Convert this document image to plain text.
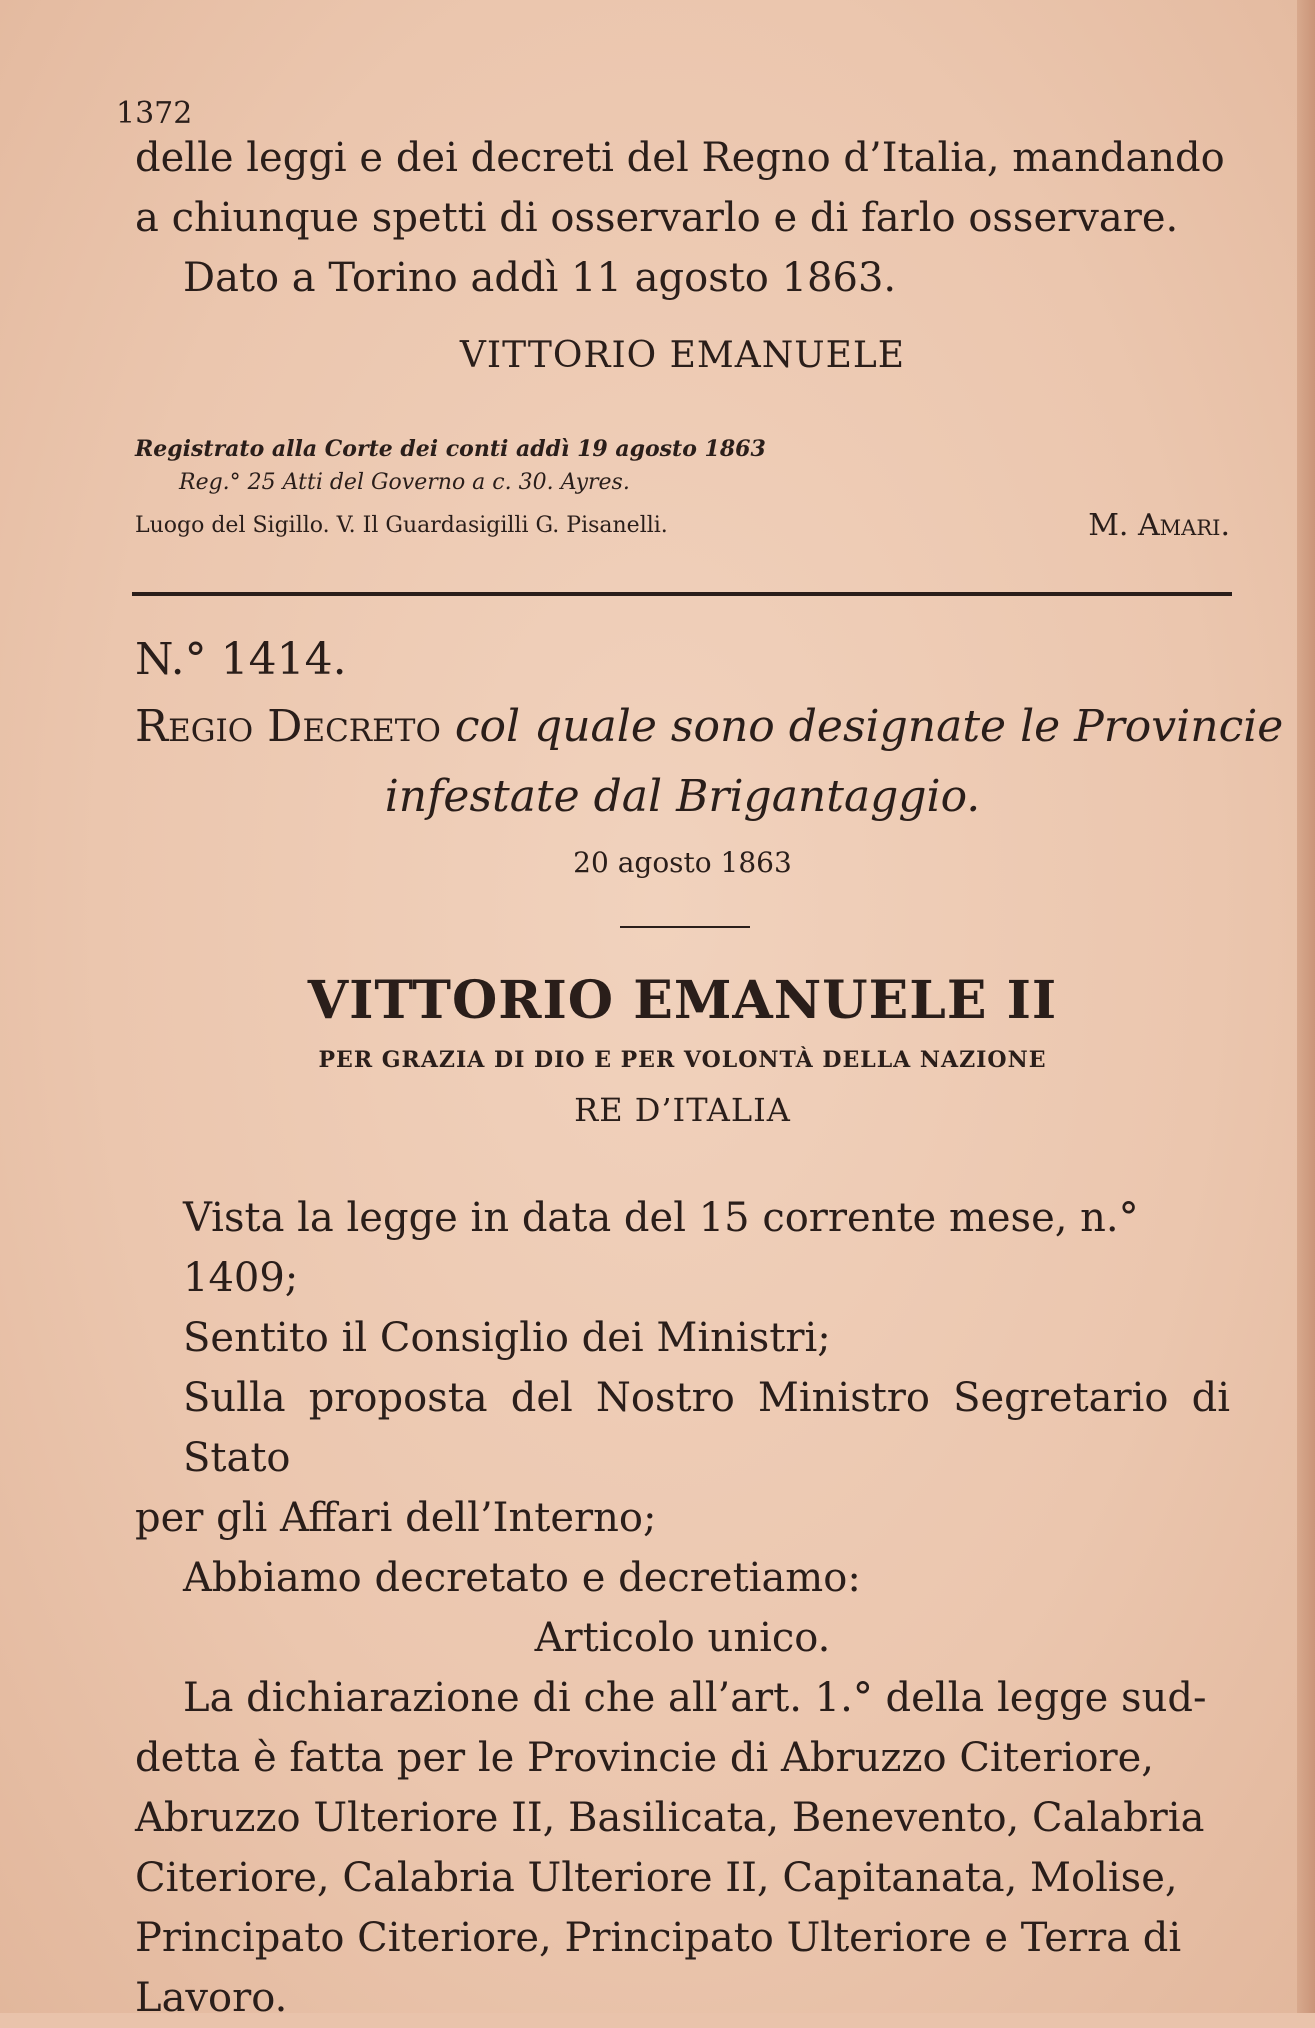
1372
delle leggi e dei decreti del Regno d’Italia, mandando
a chiunque spetti di osservarlo e di farlo osservare.
Dato a Torino addì 11 agosto 1863.
VITTORIO EMANUELE
Registrato alla Corte dei conti addì 19 agosto 1863
Reg.° 25 Atti del Governo a c. 30. Ayres.
Luogo del Sigillo. V. Il Guardasigilli G. Pisanelli.	M. Amari.
N.° 1414.
Regio Decreto col quale sono designate le Provincie
infestate dal Brigantaggio.
20 agosto 1863
VITTORIO EMANUELE II
PER GRAZIA DI DIO E PER VOLONTÀ DELLA NAZIONE
RE D’ITALIA

Vista la legge in data del 15 corrente mese, n.° 1409;

Sentito il Consiglio dei Ministri;

Sulla proposta del Nostro Ministro Segretario di Stato

per gli Affari dell’Interno;

Abbiamo decretato e decretiamo:

Articolo unico.

La dichiarazione di che all’art. 1.° della legge sud-

detta è fatta per le Provincie di Abruzzo Citeriore,

Abruzzo Ulteriore II, Basilicata, Benevento, Calabria

Citeriore, Calabria Ulteriore II, Capitanata, Molise,

Principato Citeriore, Principato Ulteriore e Terra di

Lavoro.
